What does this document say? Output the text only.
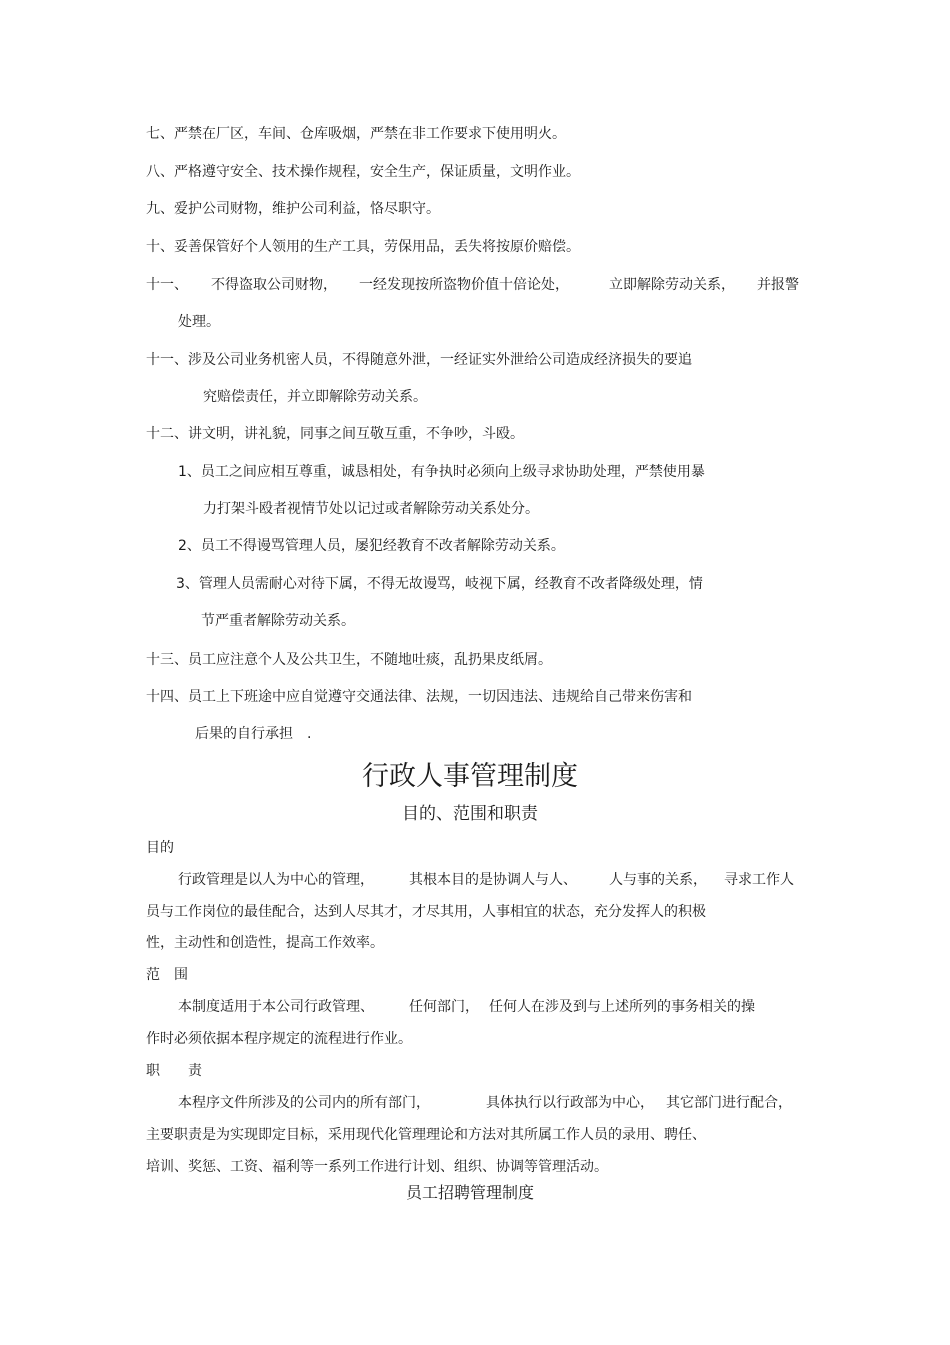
七、严禁在厂区，车间、仓库吸烟，严禁在非工作要求下使用明火。
八、严格遵守安全、技术操作规程，安全生产，保证质量，文明作业。
九、爱护公司财物，维护公司利益，恪尽职守。
十、妥善保管好个人领用的生产工具，劳保用品，丢失将按原价赔偿。
十一、 不得盗取公司财物， 一经发现按所盗物价值十倍论处，	立即解除劳动关系， 并报警
处理。
十一、涉及公司业务机密人员，不得随意外泄，一经证实外泄给公司造成经济损失的要追
究赔偿责任，并立即解除劳动关系。
十二、讲文明，讲礼貌，同事之间互敬互重，不争吵，斗殴。
1、员工之间应相互尊重，诚恳相处，有争执时必须向上级寻求协助处理，严禁使用暴
力打架斗殴者视情节处以记过或者解除劳动关系处分。
2、员工不得谩骂管理人员，屡犯经教育不改者解除劳动关系。
3、管理人员需耐心对待下属，不得无故谩骂，岐视下属，经教育不改者降级处理，情
节严重者解除劳动关系。
十三、员工应注意个人及公共卫生，不随地吐痰，乱扔果皮纸屑。
十四、员工上下班途中应自觉遵守交通法律、法规，一切因违法、违规给自己带来伤害和
后果的自行承担　.
行政人事管理制度
目的、范围和职责
目的
行政管理是以人为中心的管理，	其根本目的是协调人与人、 人与事的关系， 寻求工作人
员与工作岗位的最佳配合，达到人尽其才，才尽其用，人事相宜的状态，充分发挥人的积极
性，主动性和创造性，提高工作效率。
范　围
本制度适用于本公司行政管理、	任何部门， 任何人在涉及到与上述所列的事务相关的操
作时必须依据本程序规定的流程进行作业。
职　　责
本程序文件所涉及的公司内的所有部门，	具体执行以行政部为中心， 其它部门进行配合，
主要职责是为实现即定目标，采用现代化管理理论和方法对其所属工作人员的录用、聘任、
培训、奖惩、工资、福利等一系列工作进行计划、组织、协调等管理活动。
员工招聘管理制度
